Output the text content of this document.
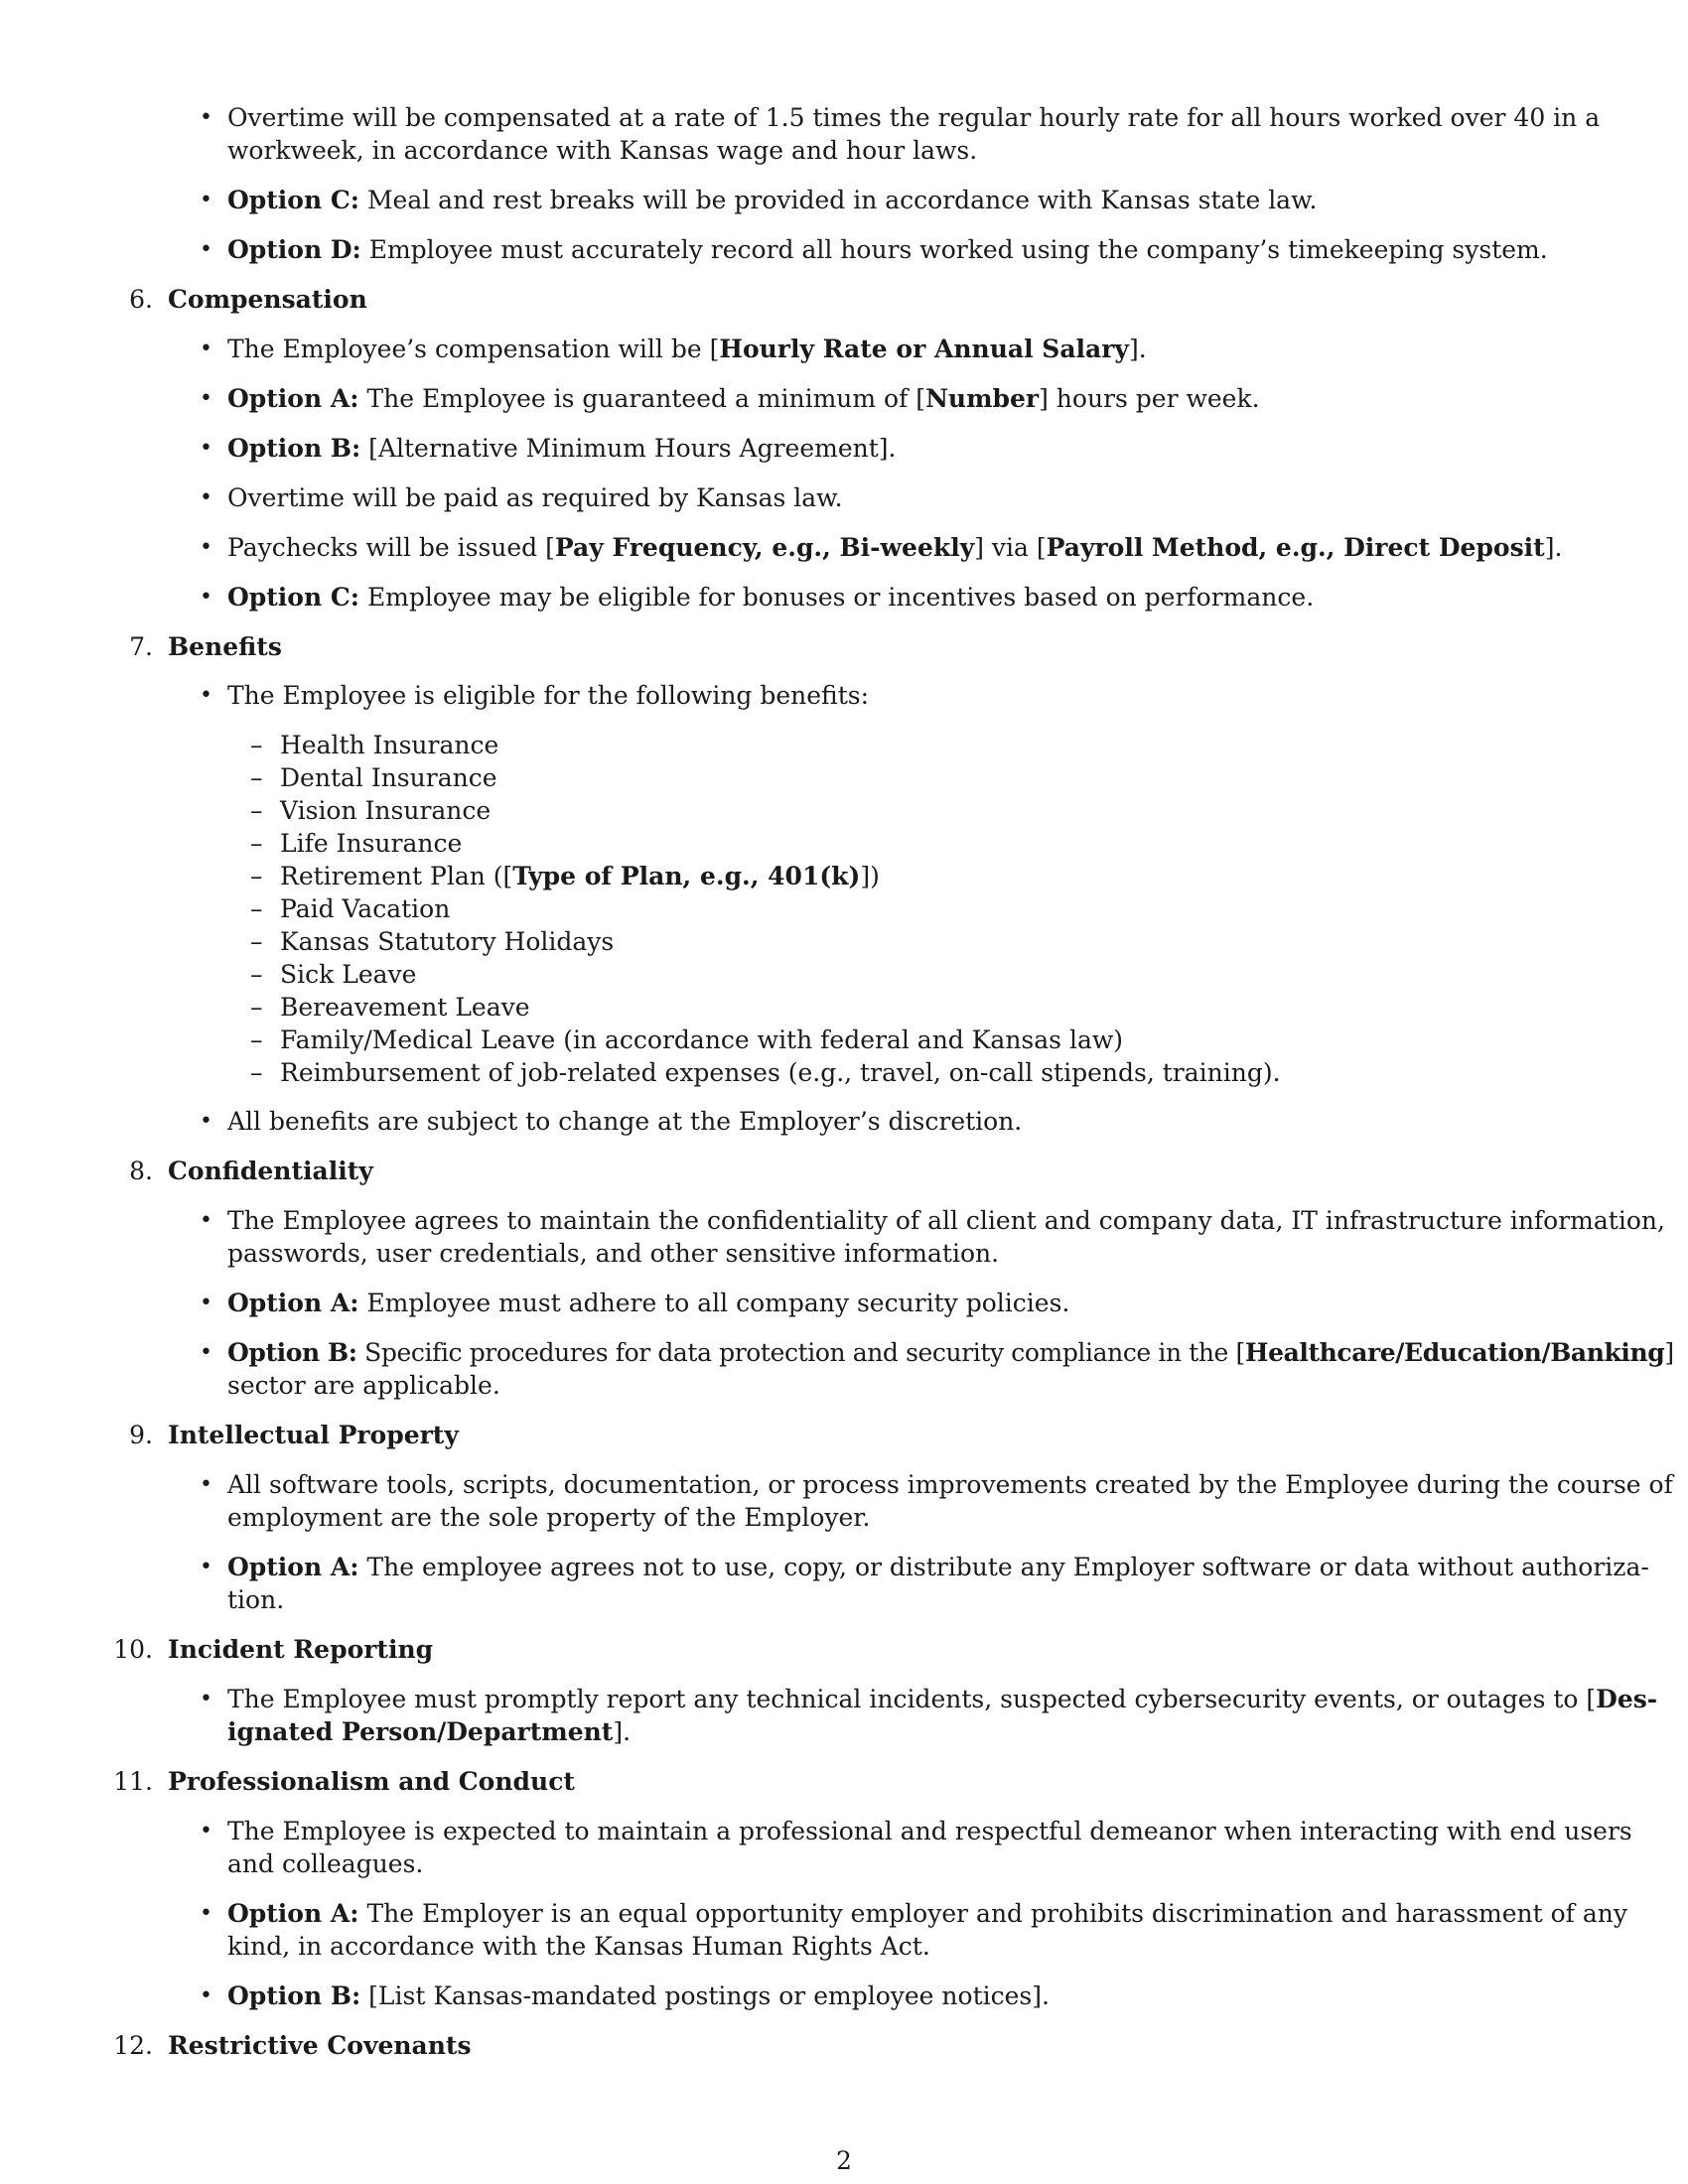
• Overtime will be compensated at a rate of 1.5 times the regular hourly rate for all hours worked over 40 in a
workweek, in accordance with Kansas wage and hour laws.
• Option C: Meal and rest breaks will be provided in accordance with Kansas state law.
• Option D: Employee must accurately record all hours worked using the company’s timekeeping system.
6. Compensation
• The Employee’s compensation will be [Hourly Rate or Annual Salary].
• Option A: The Employee is guaranteed a minimum of [Number] hours per week.
• Option B: [Alternative Minimum Hours Agreement].
• Overtime will be paid as required by Kansas law.
• Paychecks will be issued [Pay Frequency, e.g., Bi-weekly] via [Payroll Method, e.g., Direct Deposit].
• Option C: Employee may be eligible for bonuses or incentives based on performance.
7. Benefits
• The Employee is eligible for the following benefits:
– Health Insurance
– Dental Insurance
– Vision Insurance
– Life Insurance
– Retirement Plan ([Type of Plan, e.g., 401(k)])
– Paid Vacation
– Kansas Statutory Holidays
– Sick Leave
– Bereavement Leave
– Family/Medical Leave (in accordance with federal and Kansas law)
– Reimbursement of job-related expenses (e.g., travel, on-call stipends, training).
• All benefits are subject to change at the Employer’s discretion.
8. Confidentiality
• The Employee agrees to maintain the confidentiality of all client and company data, IT infrastructure information,
passwords, user credentials, and other sensitive information.
• Option A: Employee must adhere to all company security policies.
• Option B: Specific procedures for data protection and security compliance in the [Healthcare/Education/Banking]
sector are applicable.
9. Intellectual Property
• All software tools, scripts, documentation, or process improvements created by the Employee during the course of
employment are the sole property of the Employer.
• Option A: The employee agrees not to use, copy, or distribute any Employer software or data without authoriza-
tion.
10. Incident Reporting
• The Employee must promptly report any technical incidents, suspected cybersecurity events, or outages to [Des-
ignated Person/Department].
11. Professionalism and Conduct
• The Employee is expected to maintain a professional and respectful demeanor when interacting with end users
and colleagues.
• Option A: The Employer is an equal opportunity employer and prohibits discrimination and harassment of any
kind, in accordance with the Kansas Human Rights Act.
• Option B: [List Kansas-mandated postings or employee notices].
12. Restrictive Covenants
2
